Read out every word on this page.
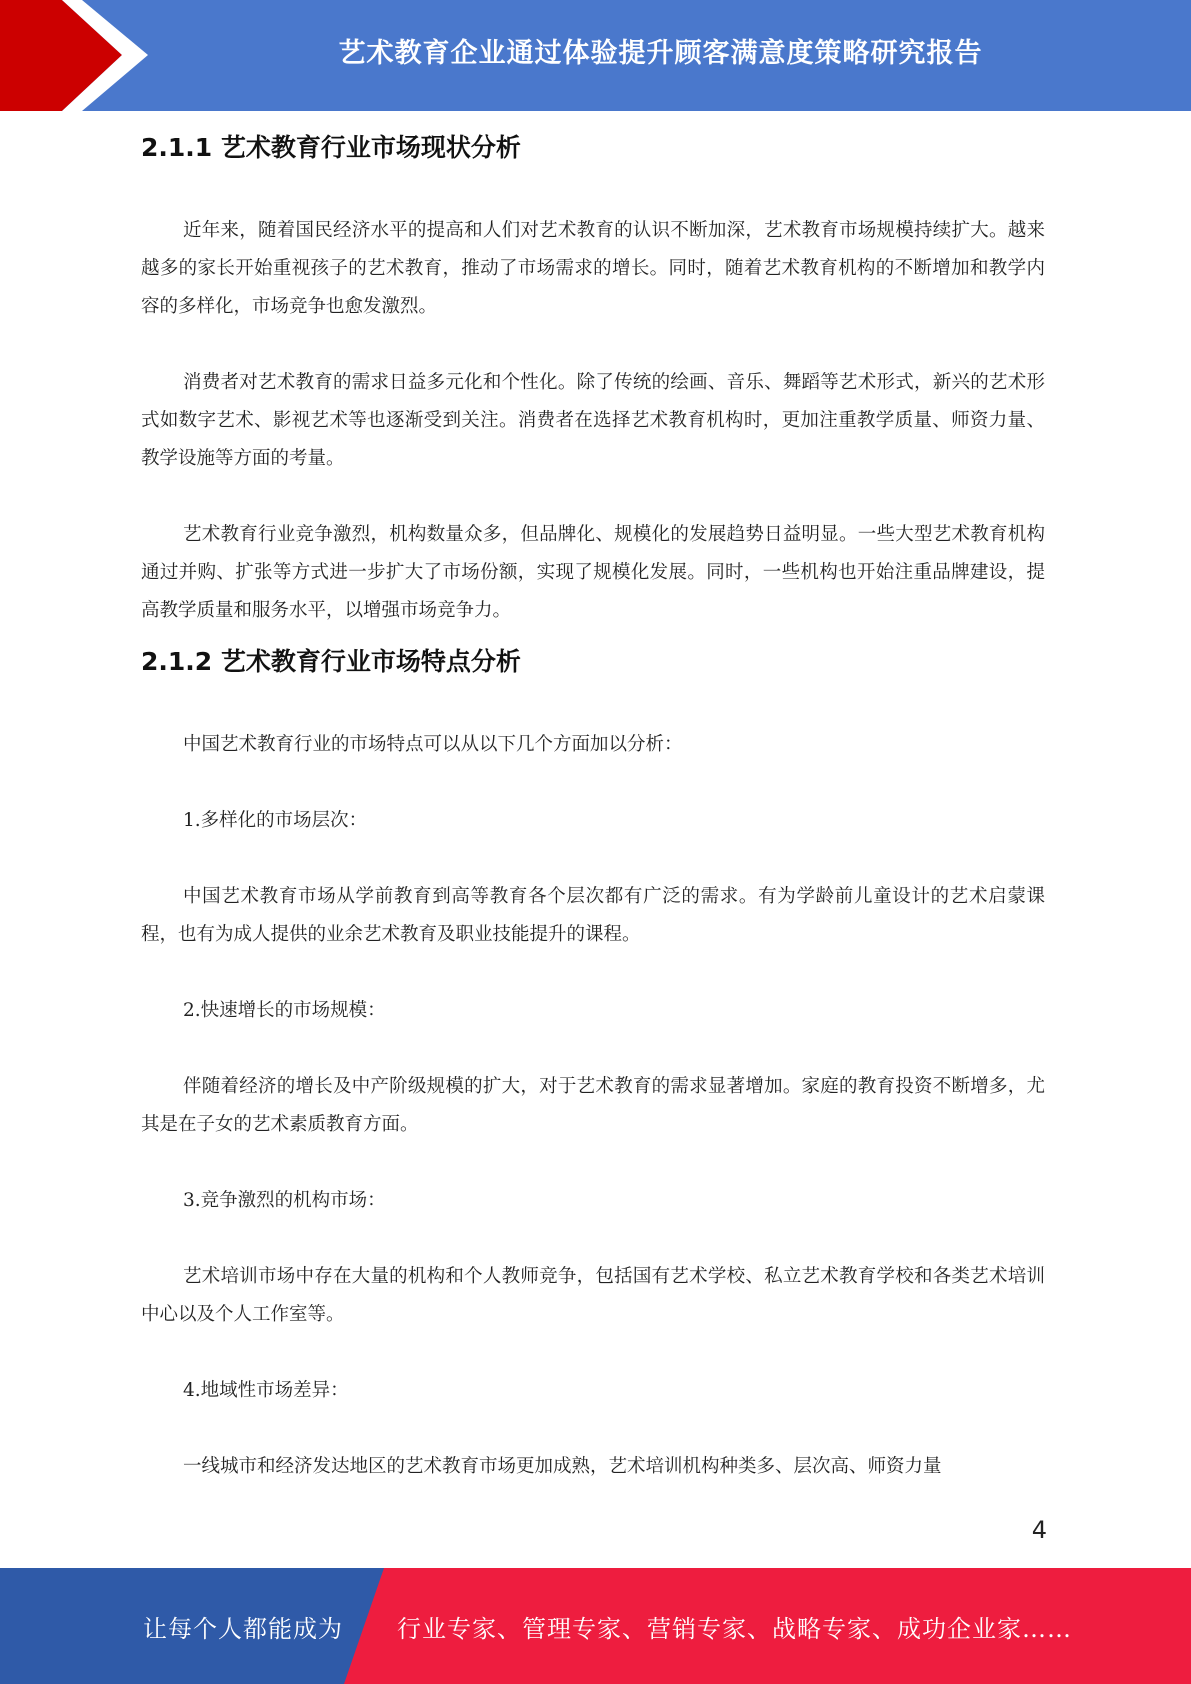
艺术教育企业通过体验提升顾客满意度策略研究报告
2.1.1 艺术教育行业市场现状分析

近年来，随着国民经济水平的提高和人们对艺术教育的认识不断加深，艺术教育市场规模持续扩大。越来越多的家长开始重视孩子的艺术教育，推动了市场需求的增长。同时，随着艺术教育机构的不断增加和教学内容的多样化，市场竞争也愈发激烈。

消费者对艺术教育的需求日益多元化和个性化。除了传统的绘画、音乐、舞蹈等艺术形式，新兴的艺术形式如数字艺术、影视艺术等也逐渐受到关注。消费者在选择艺术教育机构时，更加注重教学质量、师资力量、教学设施等方面的考量。

艺术教育行业竞争激烈，机构数量众多，但品牌化、规模化的发展趋势日益明显。一些大型艺术教育机构通过并购、扩张等方式进一步扩大了市场份额，实现了规模化发展。同时，一些机构也开始注重品牌建设，提高教学质量和服务水平，以增强市场竞争力。

2.1.2 艺术教育行业市场特点分析

中国艺术教育行业的市场特点可以从以下几个方面加以分析：

1.多样化的市场层次：

中国艺术教育市场从学前教育到高等教育各个层次都有广泛的需求。有为学龄前儿童设计的艺术启蒙课程，也有为成人提供的业余艺术教育及职业技能提升的课程。

2.快速增长的市场规模：

伴随着经济的增长及中产阶级规模的扩大，对于艺术教育的需求显著增加。家庭的教育投资不断增多，尤其是在子女的艺术素质教育方面。

3.竞争激烈的机构市场：

艺术培训市场中存在大量的机构和个人教师竞争，包括国有艺术学校、私立艺术教育学校和各类艺术培训中心以及个人工作室等。

4.地域性市场差异：

一线城市和经济发达地区的艺术教育市场更加成熟，艺术培训机构种类多、层次高、师资力量

4
让每个人都能成为 行业专家、管理专家、营销专家、战略专家、成功企业家……
